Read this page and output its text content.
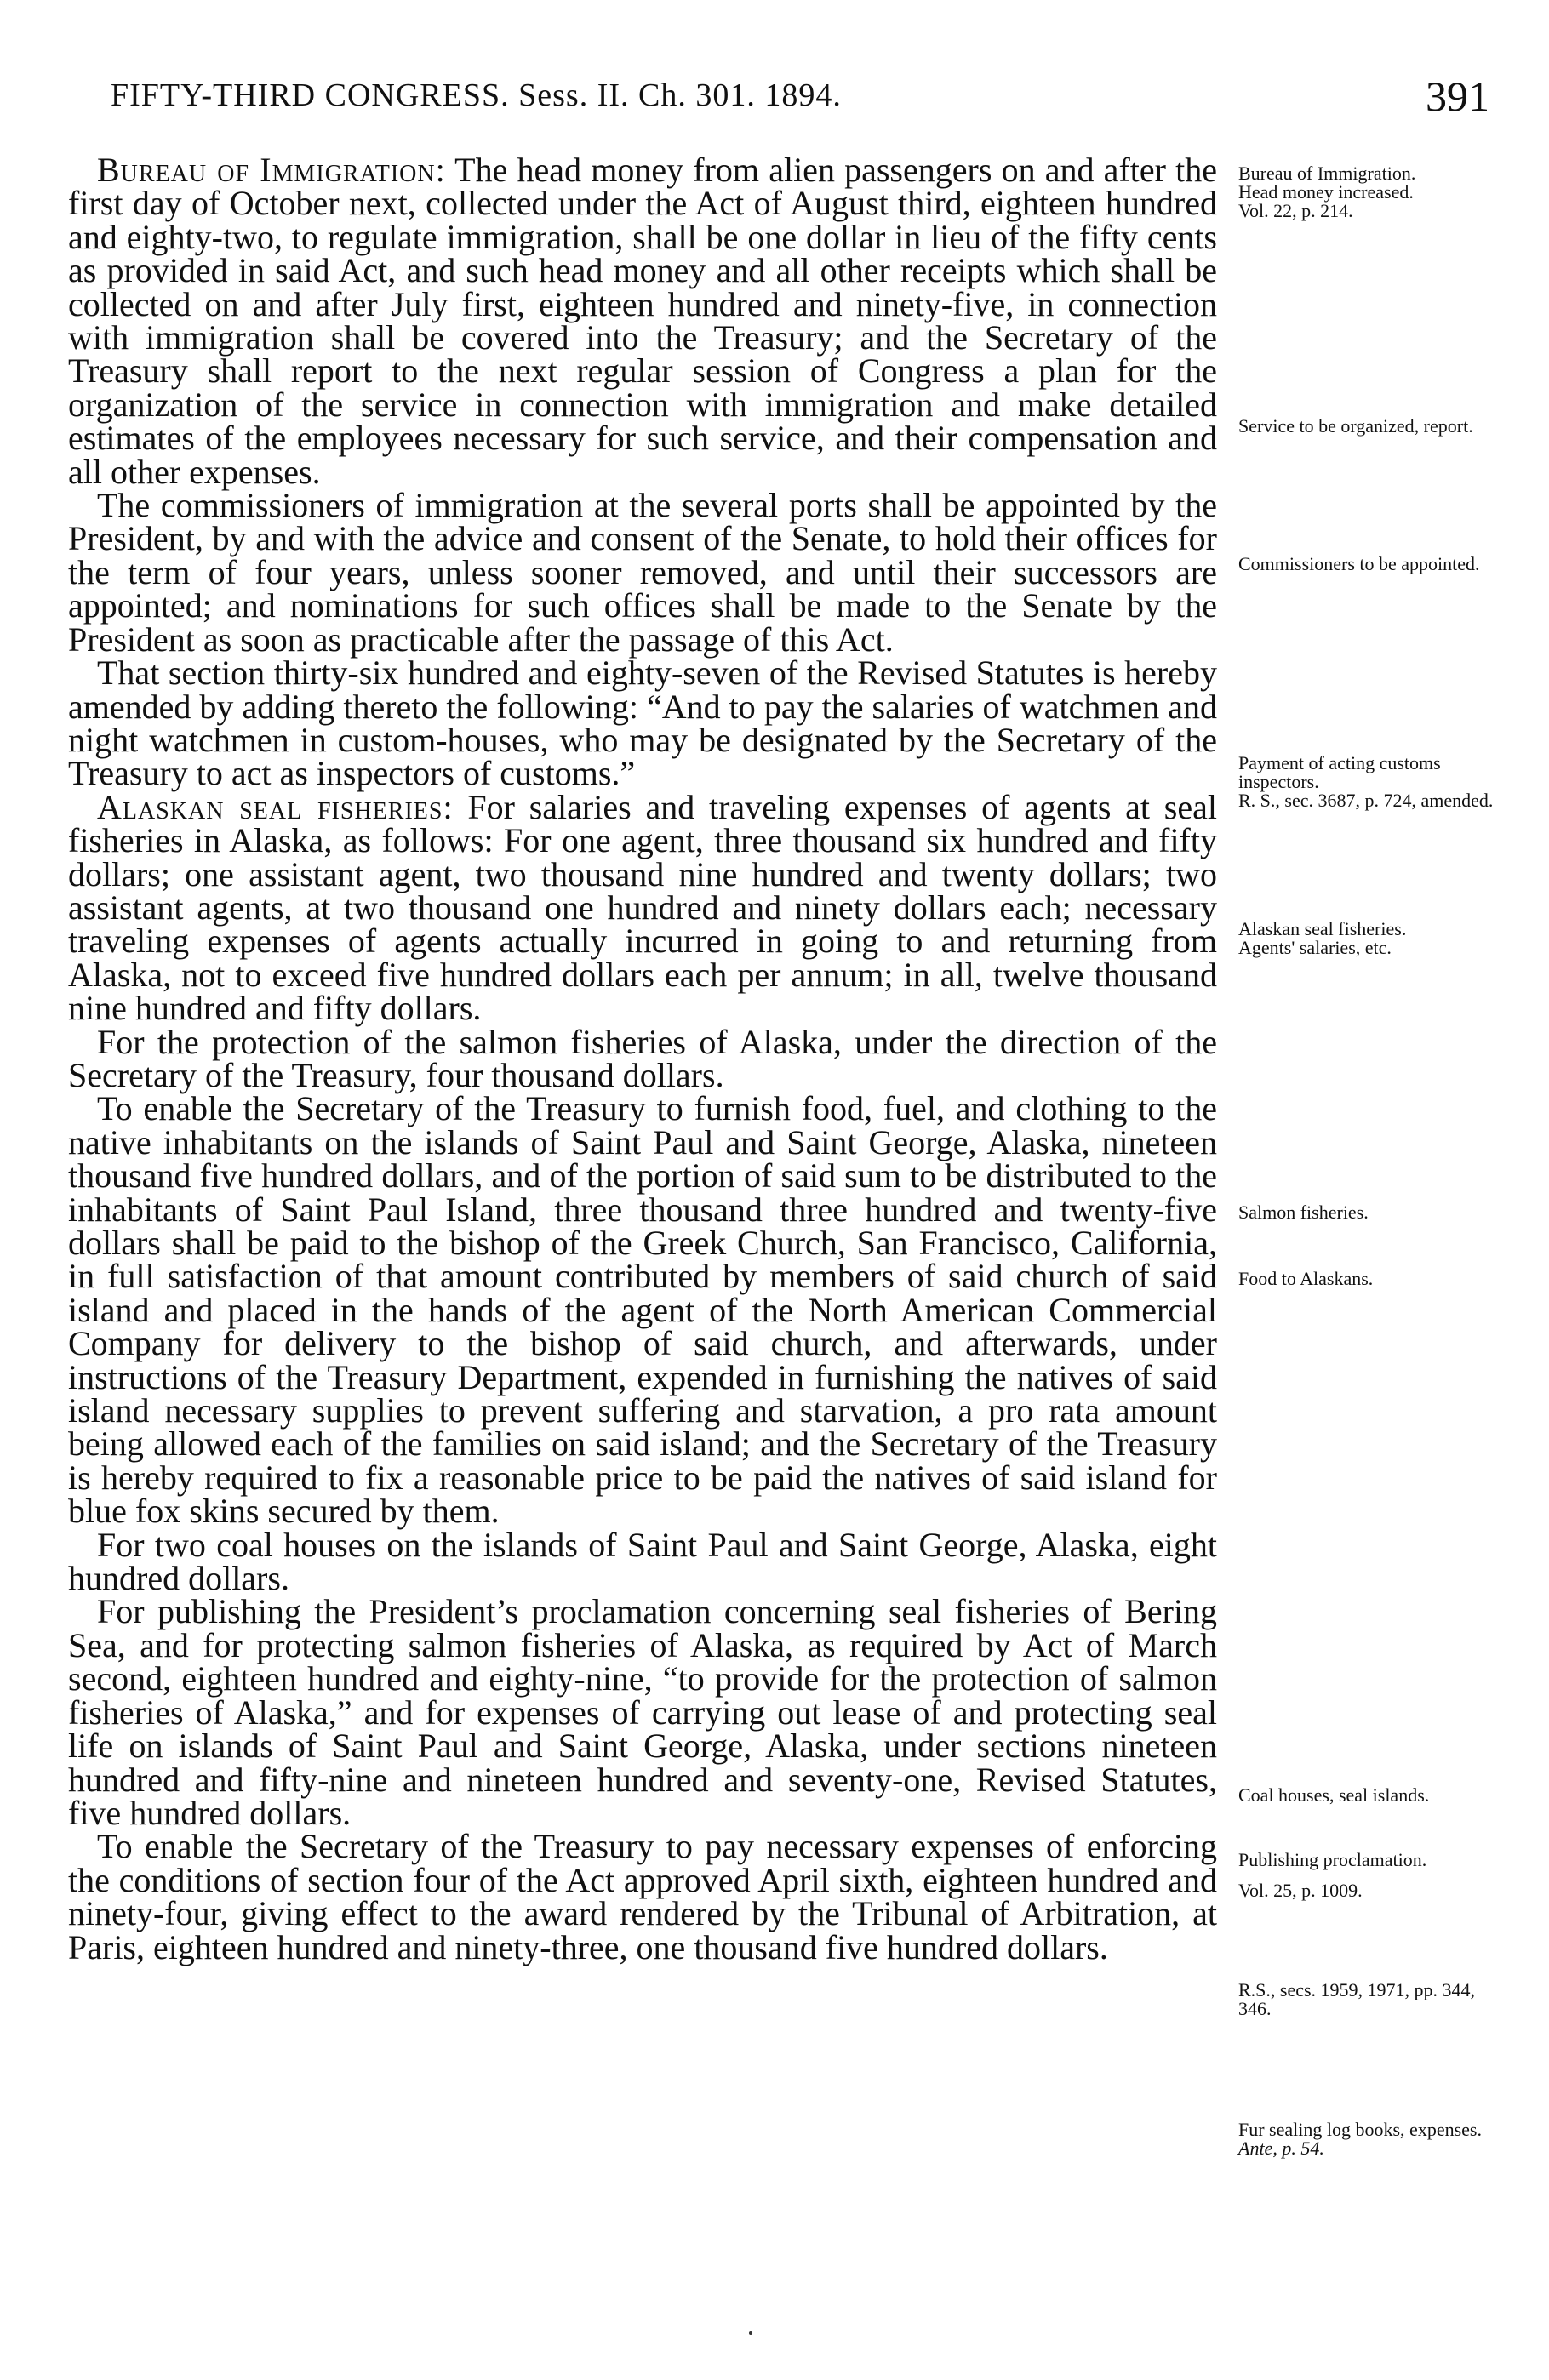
FIFTY-THIRD CONGRESS. Sess. II. Ch. 301. 1894.	391

Bureau of Immigration: The head money from alien passengers on and after the first day of October next, collected under the Act of August third, eighteen hundred and eighty-two, to regulate immigration, shall be one dollar in lieu of the fifty cents as provided in said Act, and such head money and all other receipts which shall be collected on and after July first, eighteen hundred and ninety-five, in connection with immigration shall be covered into the Treasury; and the Secretary of the Treasury shall report to the next regular session of Congress a plan for the organization of the service in connection with immigration and make detailed estimates of the employees necessary for such service, and their compensation and all other expenses.

The commissioners of immigration at the several ports shall be appointed by the President, by and with the advice and consent of the Senate, to hold their offices for the term of four years, unless sooner removed, and until their successors are appointed; and nominations for such offices shall be made to the Senate by the President as soon as practicable after the passage of this Act.

That section thirty-six hundred and eighty-seven of the Revised Statutes is hereby amended by adding thereto the following: “And to pay the salaries of watchmen and night watchmen in custom-houses, who may be designated by the Secretary of the Treasury to act as inspectors of customs.”

Alaskan seal fisheries: For salaries and traveling expenses of agents at seal fisheries in Alaska, as follows: For one agent, three thousand six hundred and fifty dollars; one assistant agent, two thousand nine hundred and twenty dollars; two assistant agents, at two thousand one hundred and ninety dollars each; necessary traveling expenses of agents actually incurred in going to and returning from Alaska, not to exceed five hundred dollars each per annum; in all, twelve thousand nine hundred and fifty dollars.

For the protection of the salmon fisheries of Alaska, under the direction of the Secretary of the Treasury, four thousand dollars.

To enable the Secretary of the Treasury to furnish food, fuel, and clothing to the native inhabitants on the islands of Saint Paul and Saint George, Alaska, nineteen thousand five hundred dollars, and of the portion of said sum to be distributed to the inhabitants of Saint Paul Island, three thousand three hundred and twenty-five dollars shall be paid to the bishop of the Greek Church, San Francisco, California, in full satisfaction of that amount contributed by members of said church of said island and placed in the hands of the agent of the North American Commercial Company for delivery to the bishop of said church, and afterwards, under instructions of the Treasury Department, expended in furnishing the natives of said island necessary supplies to prevent suffering and starvation, a pro rata amount being allowed each of the families on said island; and the Secretary of the Treasury is hereby required to fix a reasonable price to be paid the natives of said island for blue fox skins secured by them.

For two coal houses on the islands of Saint Paul and Saint George, Alaska, eight hundred dollars.

For publishing the President’s proclamation concerning seal fisheries of Bering Sea, and for protecting salmon fisheries of Alaska, as required by Act of March second, eighteen hundred and eighty-nine, “to provide for the protection of salmon fisheries of Alaska,” and for expenses of carrying out lease of and protecting seal life on islands of Saint Paul and Saint George, Alaska, under sections nineteen hundred and fifty-nine and nineteen hundred and seventy-one, Revised Statutes, five hundred dollars.

To enable the Secretary of the Treasury to pay necessary expenses of enforcing the conditions of section four of the Act approved April sixth, eighteen hundred and ninety-four, giving effect to the award rendered by the Tribunal of Arbitration, at Paris, eighteen hundred and ninety-three, one thousand five hundred dollars.

Bureau of Immigration.
Head money increased.
Vol. 22, p. 214.
Service to be organized, report.
Commissioners to be appointed.
Payment of acting customs inspectors.
R. S., sec. 3687, p. 724, amended.
Alaskan seal fisheries.
Agents' salaries, etc.
Salmon fisheries.
Food to Alaskans.
Coal houses, seal islands.
Publishing proclamation.
Vol. 25, p. 1009.
R.S., secs. 1959, 1971, pp. 344, 346.
Fur sealing log books, expenses.
Ante, p. 54.
